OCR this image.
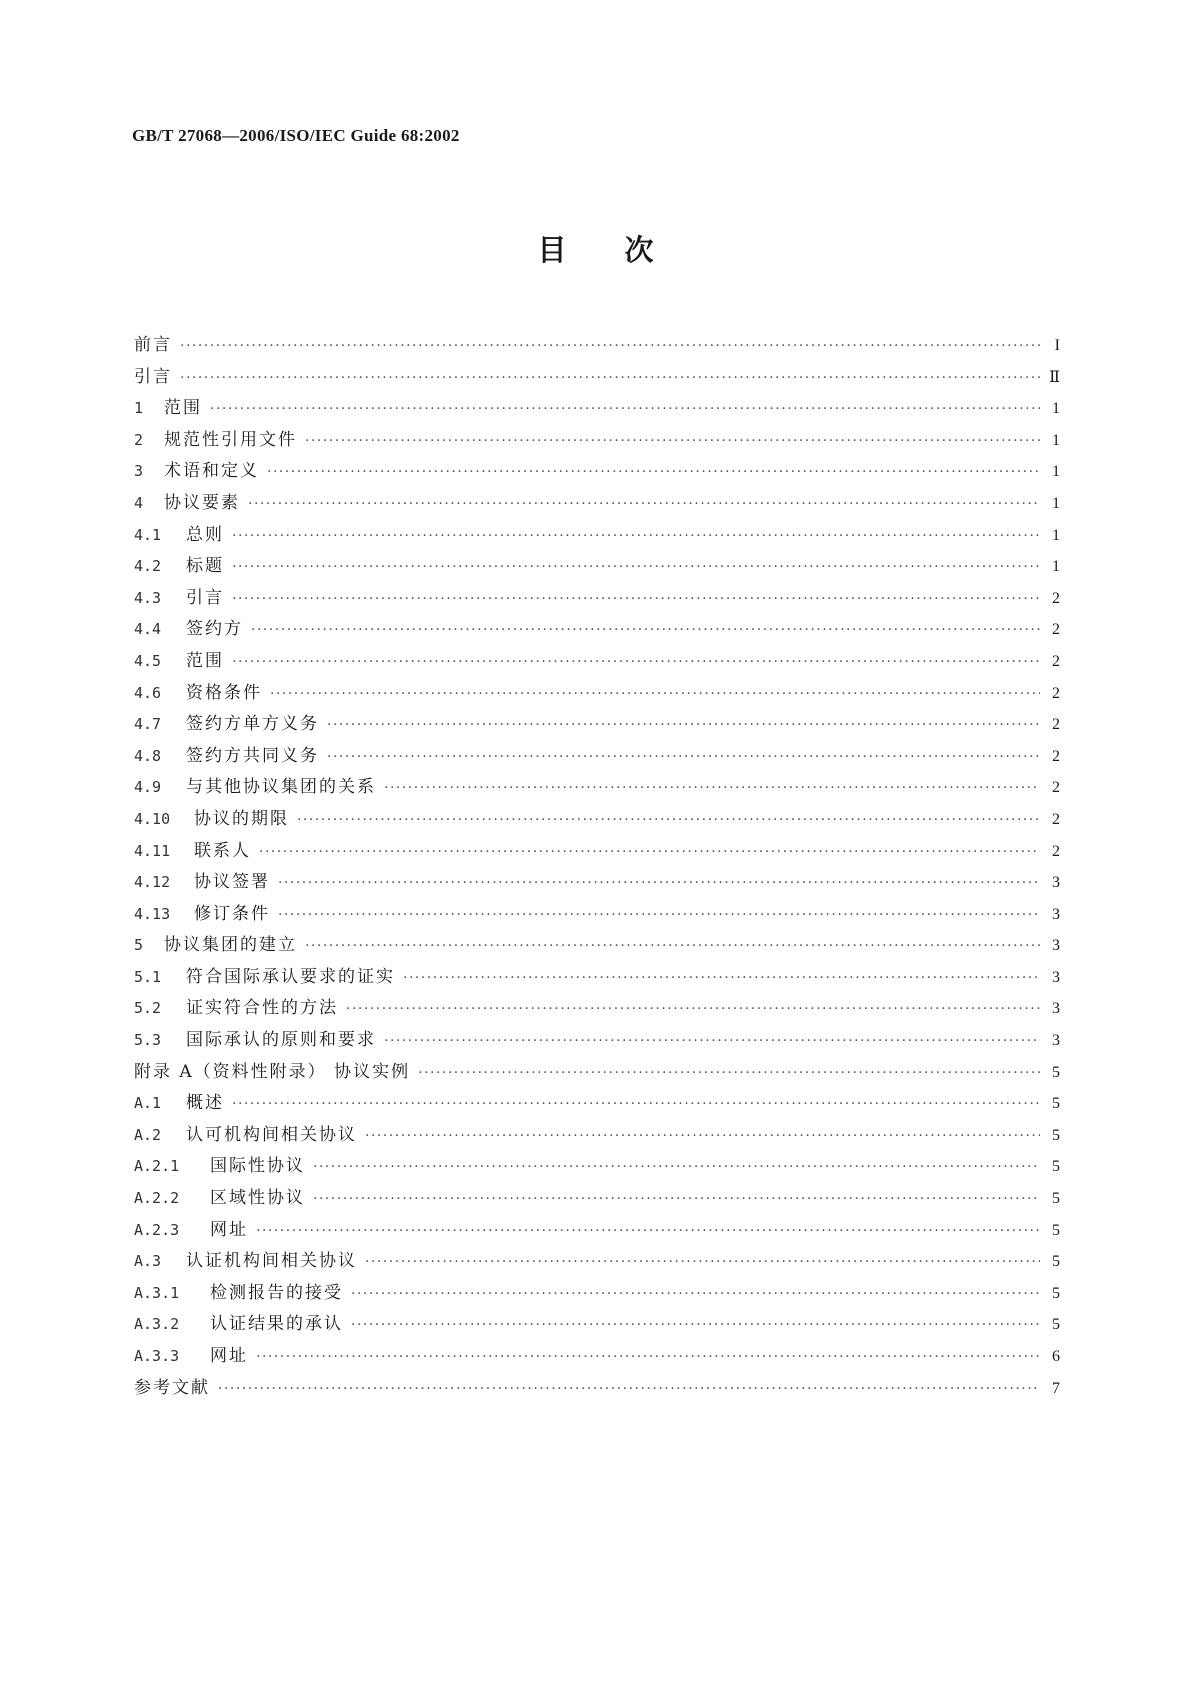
GB/T 27068—2006/ISO/IEC Guide 68:2002
目次
前言 ·····	I
引言 ·····	Ⅱ
1	范围 ·····	1
2	规范性引用文件 ·····	1
3	术语和定义 ·····	1
4	协议要素 ·····	1
4.1	总则 ·····	1
4.2	标题 ·····	1
4.3	引言 ·····	2
4.4	签约方 ·····	2
4.5	范围 ·····	2
4.6	资格条件 ·····	2
4.7	签约方单方义务 ·····	2
4.8	签约方共同义务 ·····	2
4.9	与其他协议集团的关系 ·····	2
4.10	协议的期限 ·····	2
4.11	联系人 ·····	2
4.12	协议签署 ·····	3
4.13	修订条件 ·····	3
5	协议集团的建立 ·····	3
5.1	符合国际承认要求的证实 ·····	3
5.2	证实符合性的方法 ·····	3
5.3	国际承认的原则和要求 ·····	3
附录 A（资料性附录） 协议实例 ·····	5
A.1	概述 ·····	5
A.2	认可机构间相关协议 ·····	5
A.2.1	国际性协议 ·····	5
A.2.2	区域性协议 ·····	5
A.2.3	网址 ·····	5
A.3	认证机构间相关协议 ·····	5
A.3.1	检测报告的接受 ·····	5
A.3.2	认证结果的承认 ·····	5
A.3.3	网址 ·····	6
参考文献 ·····	7
